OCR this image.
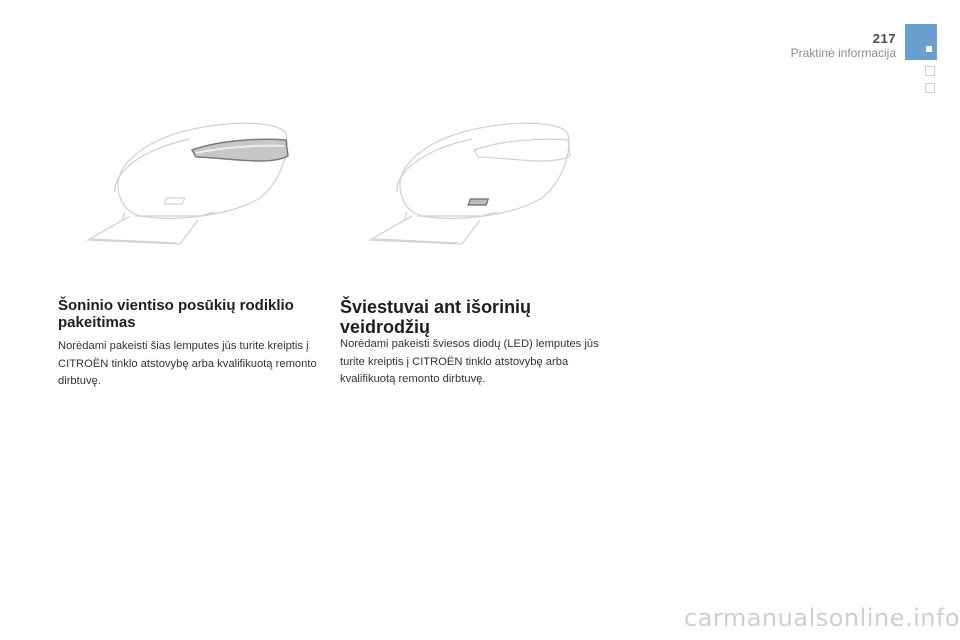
217
Praktinė informacija
Šoninio vientiso posūkių rodiklio pakeitimas
Norėdami pakeisti šias lemputes jūs turite kreiptis į CITROËN tinklo atstovybę arba kvalifikuotą remonto dirbtuvę.
Šviestuvai ant išorinių veidrodžių
Norėdami pakeisti šviesos diodų (LED) lemputes jūs turite kreiptis į CITROËN tinklo atstovybę arba kvalifikuotą remonto dirbtuvę.
carmanualsonline.info
